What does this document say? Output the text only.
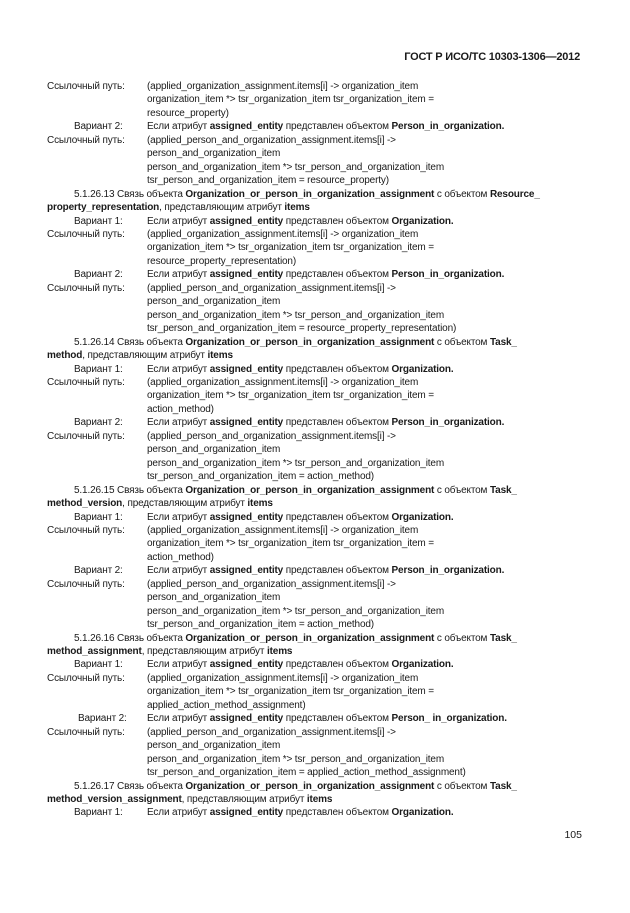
ГОСТ Р ИСО/ТС 10303-1306—2012
Ссылочный путь:	(applied_organization_assignment.items[i] -> organization_item
organization_item *> tsr_organization_item tsr_organization_item =
resource_property)
Вариант 2:	Если атрибут assigned_entity представлен объектом Person_in_organization.
Ссылочный путь:	(applied_person_and_organization_assignment.items[i] ->
person_and_organization_item
person_and_organization_item *> tsr_person_and_organization_item
tsr_person_and_organization_item = resource_property)
5.1.26.13 Связь объекта Organization_or_person_in_organization_assignment с объектом Resource_
property_representation, представляющим атрибут items
Вариант 1:	Если атрибут assigned_entity представлен объектом Organization.
Ссылочный путь:	(applied_organization_assignment.items[i] -> organization_item
organization_item *> tsr_organization_item tsr_organization_item =
resource_property_representation)
Вариант 2:	Если атрибут assigned_entity представлен объектом Person_in_organization.
Ссылочный путь:	(applied_person_and_organization_assignment.items[i] ->
person_and_organization_item
person_and_organization_item *> tsr_person_and_organization_item
tsr_person_and_organization_item = resource_property_representation)
5.1.26.14 Связь объекта Organization_or_person_in_organization_assignment с объектом Task_
method, представляющим атрибут items
Вариант 1:	Если атрибут assigned_entity представлен объектом Organization.
Ссылочный путь:	(applied_organization_assignment.items[i] -> organization_item
organization_item *> tsr_organization_item tsr_organization_item =
action_method)
Вариант 2:	Если атрибут assigned_entity представлен объектом Person_in_organization.
Ссылочный путь:	(applied_person_and_organization_assignment.items[i] ->
person_and_organization_item
person_and_organization_item *> tsr_person_and_organization_item
tsr_person_and_organization_item = action_method)
5.1.26.15 Связь объекта Organization_or_person_in_organization_assignment с объектом Task_
method_version, представляющим атрибут items
Вариант 1:	Если атрибут assigned_entity представлен объектом Organization.
Ссылочный путь:	(applied_organization_assignment.items[i] -> organization_item
organization_item *> tsr_organization_item tsr_organization_item =
action_method)
Вариант 2:	Если атрибут assigned_entity представлен объектом Person_in_organization.
Ссылочный путь:	(applied_person_and_organization_assignment.items[i] ->
person_and_organization_item
person_and_organization_item *> tsr_person_and_organization_item
tsr_person_and_organization_item = action_method)
5.1.26.16 Связь объекта Organization_or_person_in_organization_assignment с объектом Task_
method_assignment, представляющим атрибут items
Вариант 1:	Если атрибут assigned_entity представлен объектом Organization.
Ссылочный путь:	(applied_organization_assignment.items[i] -> organization_item
organization_item *> tsr_organization_item tsr_organization_item =
applied_action_method_assignment)
Вариант 2:	Если атрибут assigned_entity представлен объектом Person_ in_organization.
Ссылочный путь:	(applied_person_and_organization_assignment.items[i] ->
person_and_organization_item
person_and_organization_item *> tsr_person_and_organization_item
tsr_person_and_organization_item = applied_action_method_assignment)
5.1.26.17 Связь объекта Organization_or_person_in_organization_assignment с объектом Task_
method_version_assignment, представляющим атрибут items
Вариант 1:	Если атрибут assigned_entity представлен объектом Organization.
105
